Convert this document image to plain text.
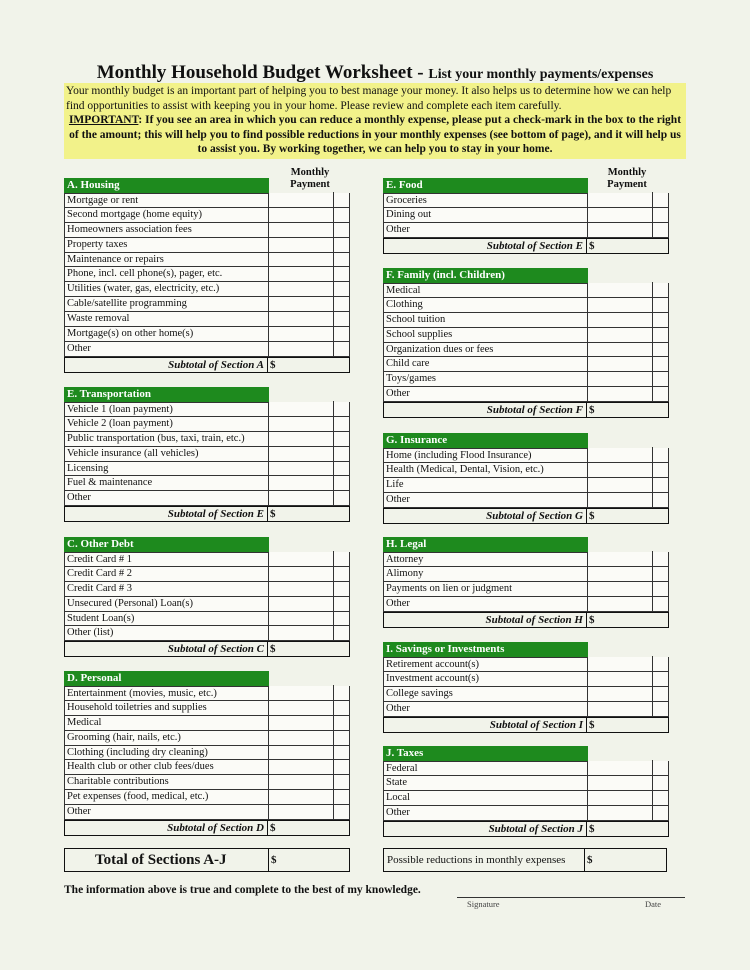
Monthly Household Budget Worksheet - List your monthly payments/expenses

Your monthly budget is an important part of helping you to best manage your money. It also helps us to determine how we can help find opportunities to assist with keeping you in your home. Please review and complete each item carefully.

IMPORTANT: If you see an area in which you can reduce a monthly expense, please put a check-mark in the box to the right of the amount; this will help you to find possible reductions in your monthly expenses (see bottom of page), and it will help us to assist you. By working together, we can help you to stay in your home.

Monthly Payment
Monthly Payment
A. Housing
Mortgage or rent
Second mortgage (home equity)
Homeowners association fees
Property taxes
Maintenance or repairs
Phone, incl. cell phone(s), pager, etc.
Utilities (water, gas, electricity, etc.)
Cable/satellite programming
Waste removal
Mortgage(s) on other home(s)
Other
Subtotal of Section A $
E. Transportation
Vehicle 1 (loan payment)
Vehicle 2 (loan payment)
Public transportation (bus, taxi, train, etc.)
Vehicle insurance (all vehicles)
Licensing
Fuel & maintenance
Other
Subtotal of Section E $
C. Other Debt
Credit Card # 1
Credit Card # 2
Credit Card # 3
Unsecured (Personal) Loan(s)
Student Loan(s)
Other (list)
Subtotal of Section C $
D. Personal
Entertainment (movies, music, etc.)
Household toiletries and supplies
Medical
Grooming (hair, nails, etc.)
Clothing (including dry cleaning)
Health club or other club fees/dues
Charitable contributions
Pet expenses (food, medical, etc.)
Other
Subtotal of Section D $
E. Food
Groceries
Dining out
Other
Subtotal of Section E $
F. Family (incl. Children)
Medical
Clothing
School tuition
School supplies
Organization dues or fees
Child care
Toys/games
Other
Subtotal of Section F $
G. Insurance
Home (including Flood Insurance)
Health (Medical, Dental, Vision, etc.)
Life
Other
Subtotal of Section G $
H. Legal
Attorney
Alimony
Payments on lien or judgment
Other
Subtotal of Section H $
I. Savings or Investments
Retirement account(s)
Investment account(s)
College savings
Other
Subtotal of Section I $
J. Taxes
Federal
State
Local
Other
Subtotal of Section J $
Total of Sections A-J	$	Possible reductions in monthly expenses	$
The information above is true and complete to the best of my knowledge.
Signature	Date
